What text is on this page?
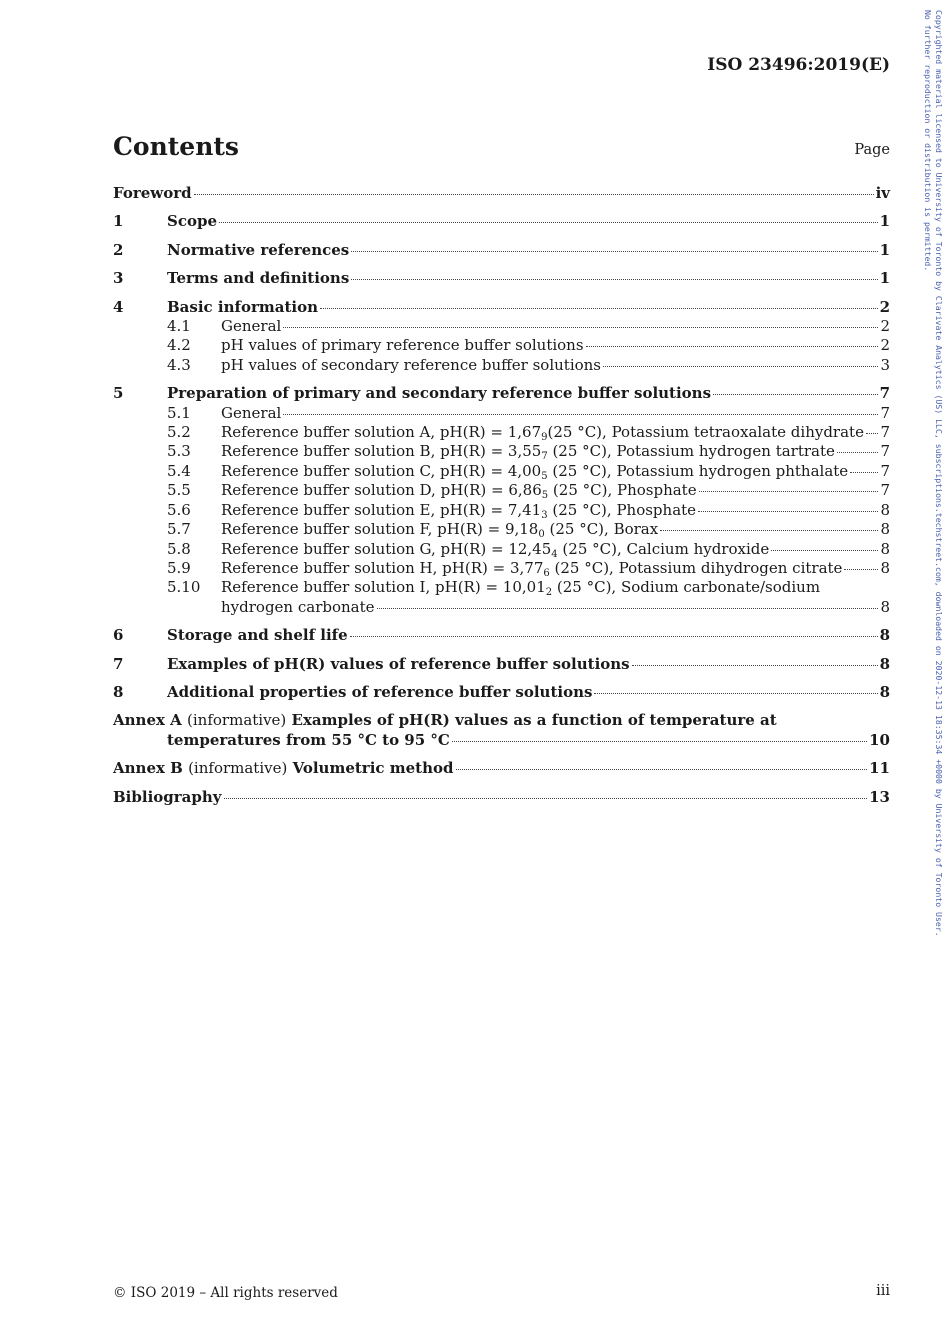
ISO 23496:2019(E)
Contents	Page
Foreword	iv
1	Scope	1
2	Normative references	1
3	Terms and definitions	1
4	Basic information	2
4.1	General	2
4.2	pH values of primary reference buffer solutions	2
4.3	pH values of secondary reference buffer solutions	3
5	Preparation of primary and secondary reference buffer solutions	7
5.1	General	7
5.2	Reference buffer solution A, $pH(R) = 1,67_9(25$ °C), Potassium tetraoxalate dihydrate 7
5.3	Reference buffer solution B, $pH(R) = 3,55_7$ (25 °C), Potassium hydrogen tartrate	7
5.4	Reference buffer solution C, $pH(R) = 4,00_5$ (25 °C), Potassium hydrogen phthalate 7
5.5	Reference buffer solution D, $pH(R) = 6,86_5$ (25 °C), Phosphate	7
5.6	Reference buffer solution E, $pH(R) = 7,41_3$ (25 °C), Phosphate	8
5.7	Reference buffer solution F, $pH(R) = 9,18_0$ (25 °C), Borax	8
5.8	Reference buffer solution G, $pH(R) = 12,45_4$ (25 °C), Calcium hydroxide	8
5.9	Reference buffer solution H, $pH(R) = 3,77_6$ (25 °C), Potassium dihydrogen citrate	8
5.10	Reference buffer solution I, $pH(R) = 10,01_2$ (25 °C), Sodium carbonate/sodium
hydrogen carbonate	8
6	Storage and shelf life	8
7	Examples of pH(R) values of reference buffer solutions	8
8	Additional properties of reference buffer solutions	8
Annex A (informative) Examples of pH(R) values as a function of temperature at
temperatures from 55 °C to 95 °C	10
Annex B (informative) Volumetric method	11
Bibliography	13
© ISO 2019 – All rights reserved	iii
Copyrighted material licensed to University of Toronto by Clarivate Analytics (US) LLC, subscriptions.techstreet.com, downloaded on 2020-12-13 18:35:34 +0000 by University of Toronto User.
No further reproduction or distribution is permitted.
